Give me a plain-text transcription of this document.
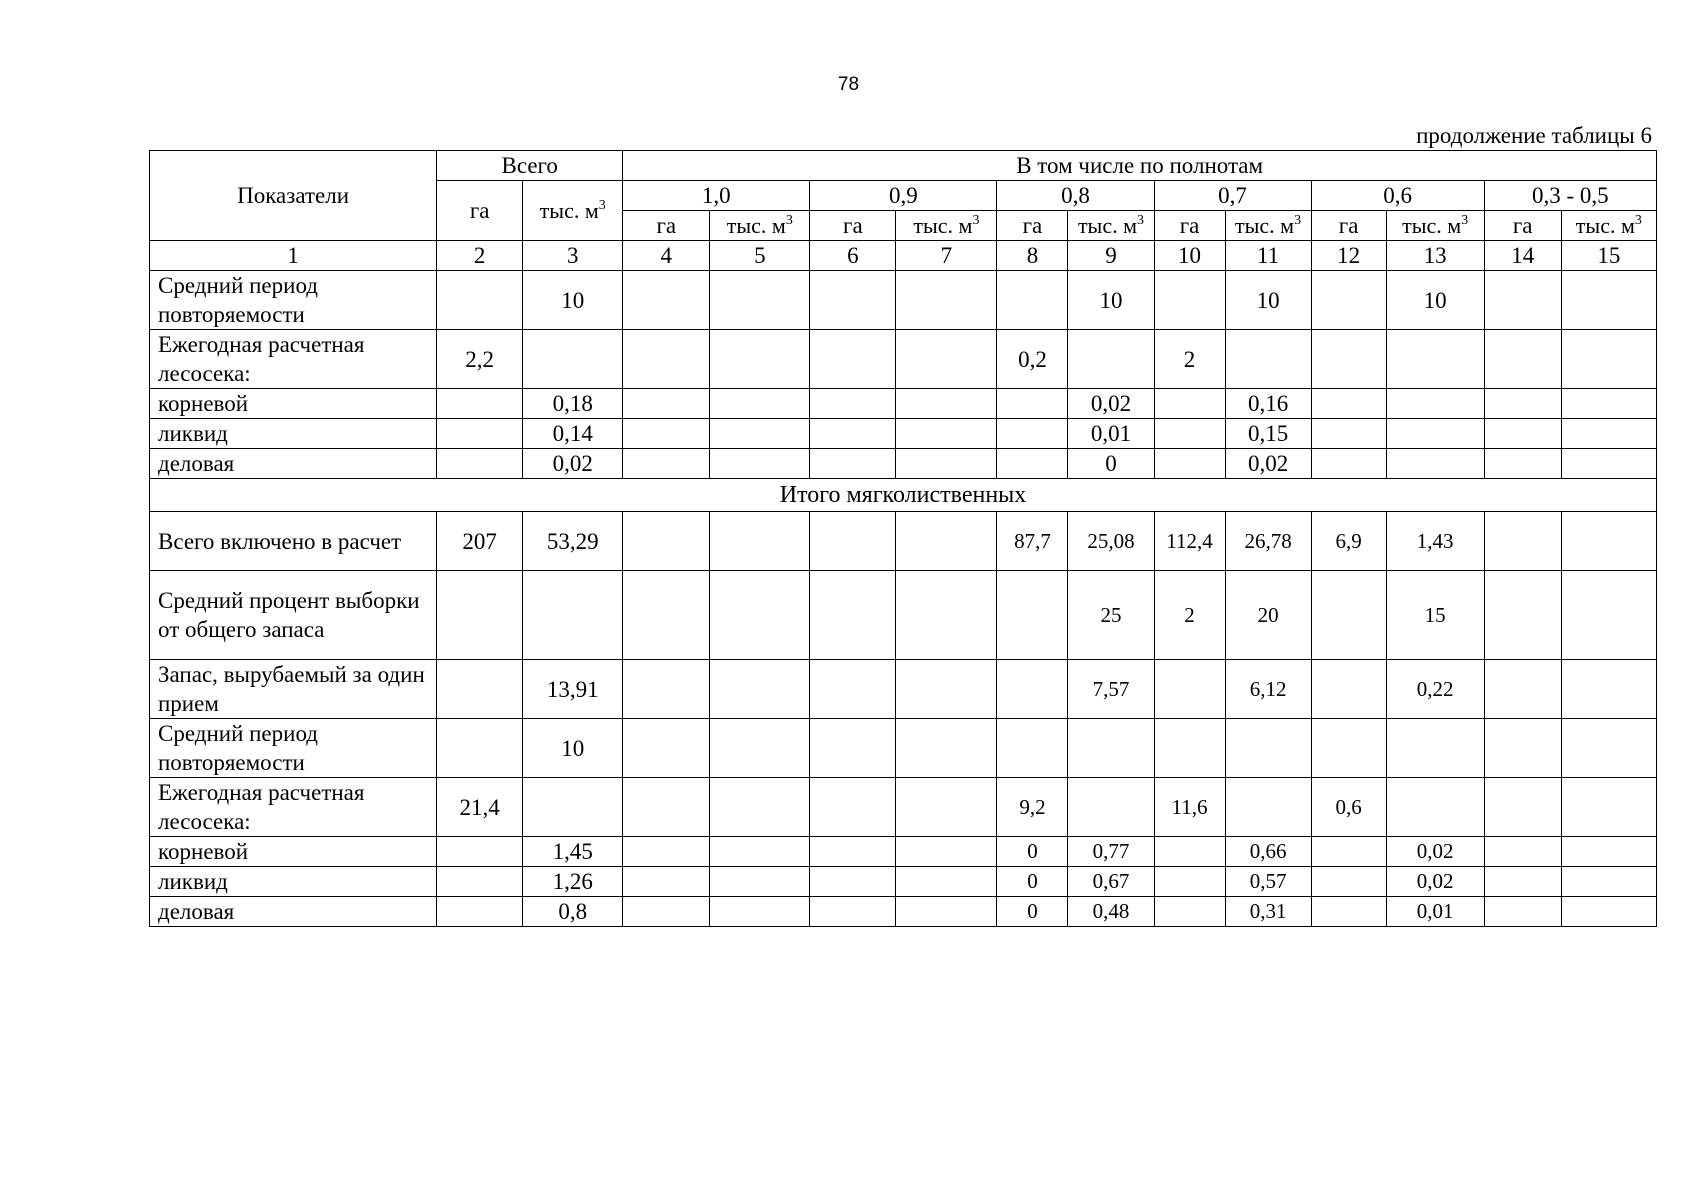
78
продолжение таблицы 6
Показатели	Всего		В том числе по полнотам											
	га	тыс. $м^3$	1,0		0,9		0,8		0,7		0,6		0,3 - 0,5	
			га	тыс. $м^3$	га	тыс. $м^3$	га	тыс. $м^3$	га	тыс. $м^3$	га	тыс. $м^3$	га	тыс. $м^3$
1	2	3	4	5	6	7	8	9	10	11	12	13	14	15
Средний период повторяемости		10						10		10		10		
Ежегодная расчетная лесосека:	2,2						0,2		2					
корневой		0,18						0,02		0,16				
ликвид		0,14						0,01		0,15				
деловая		0,02						0		0,02				
Итого мягколиственных														
Всего включено в расчет	207	53,29					87,7	25,08	112,4	26,78	6,9	1,43		
Средний процент выборки от общего запаса								25	2	20		15		
Запас, вырубаемый за один прием		13,91						7,57		6,12		0,22		
Средний период повторяемости		10												
Ежегодная расчетная лесосека:	21,4						9,2		11,6		0,6			
корневой		1,45					0	0,77		0,66		0,02		
ликвид		1,26					0	0,67		0,57		0,02		
деловая		0,8					0	0,48		0,31		0,01		
